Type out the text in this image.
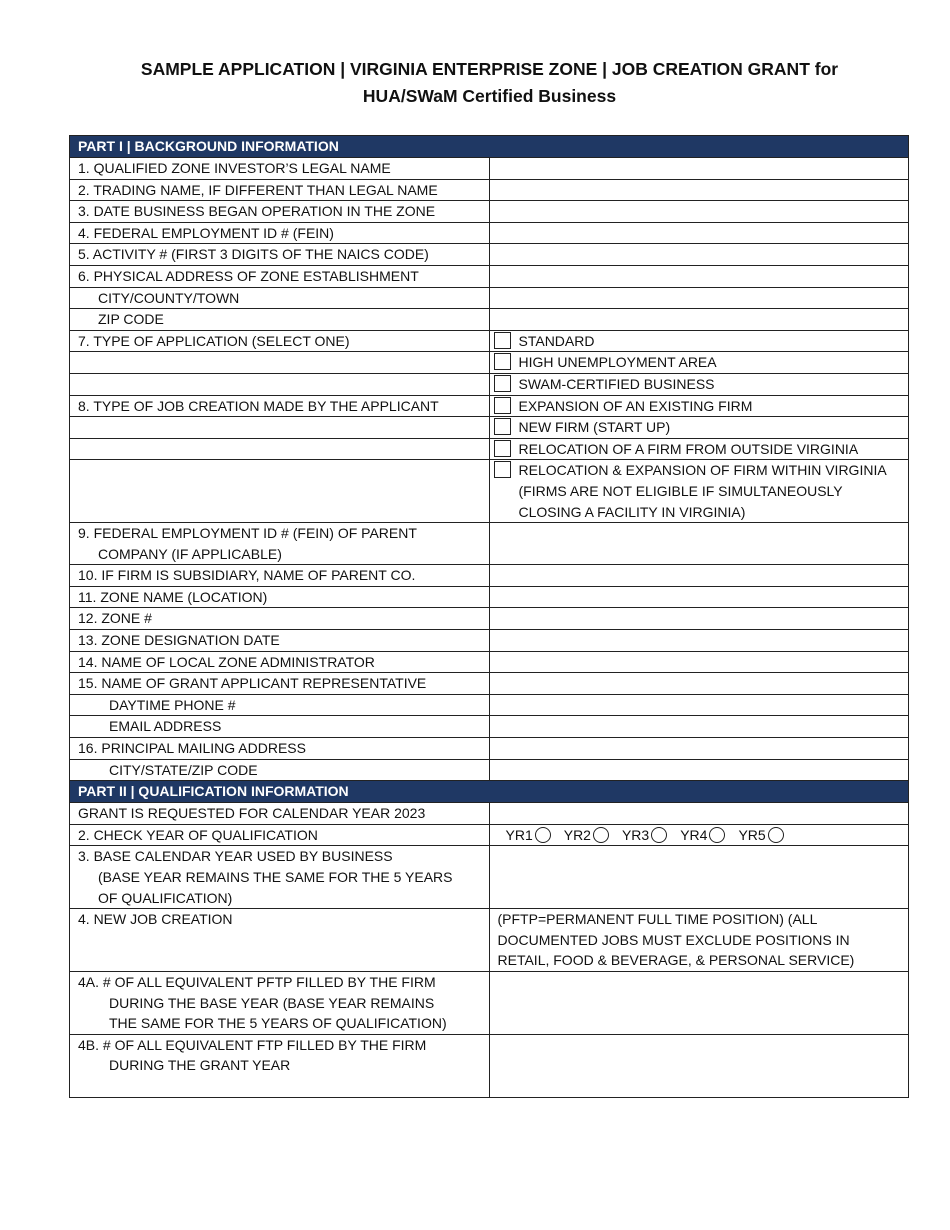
SAMPLE APPLICATION | VIRGINIA ENTERPRISE ZONE | JOB CREATION GRANT for
HUA/SWaM Certified Business
PART I | BACKGROUND INFORMATION	
1. QUALIFIED ZONE INVESTOR’S LEGAL NAME	
2. TRADING NAME, IF DIFFERENT THAN LEGAL NAME	
3. DATE BUSINESS BEGAN OPERATION IN THE ZONE	
4. FEDERAL EMPLOYMENT ID # (FEIN)	
5. ACTIVITY # (FIRST 3 DIGITS OF THE NAICS CODE)	
6. PHYSICAL ADDRESS OF ZONE ESTABLISHMENT	

CITY/COUNTY/TOWN	

ZIP CODE	

7. TYPE OF APPLICATION (SELECT ONE)	STANDARD

	HIGH UNEMPLOYMENT AREA

	SWAM-CERTIFIED BUSINESS

8. TYPE OF JOB CREATION MADE BY THE APPLICANT	EXPANSION OF AN EXISTING FIRM

	NEW FIRM (START UP)

	RELOCATION OF A FIRM FROM OUTSIDE VIRGINIA

	RELOCATION & EXPANSION OF FIRM WITHIN VIRGINIA (FIRMS ARE NOT ELIGIBLE IF SIMULTANEOUSLY CLOSING A FACILITY IN VIRGINIA)

9. FEDERAL EMPLOYMENT ID # (FEIN) OF PARENT
COMPANY (IF APPLICABLE)	

10. IF FIRM IS SUBSIDIARY, NAME OF PARENT CO.	
11. ZONE NAME (LOCATION)	
12. ZONE #	
13. ZONE DESIGNATION DATE	
14. NAME OF LOCAL ZONE ADMINISTRATOR	
15. NAME OF GRANT APPLICANT REPRESENTATIVE	

DAYTIME PHONE #	

EMAIL ADDRESS	

16. PRINCIPAL MAILING ADDRESS	

CITY/STATE/ZIP CODE	

PART II | QUALIFICATION INFORMATION	
GRANT IS REQUESTED FOR CALENDAR YEAR 2023	
2. CHECK YEAR OF QUALIFICATION	YR1 YR2 YR3 YR4 YR5

3. BASE CALENDAR YEAR USED BY BUSINESS
(BASE YEAR REMAINS THE SAME FOR THE 5 YEARS
OF QUALIFICATION)	

4. NEW JOB CREATION	(PFTP=PERMANENT FULL TIME POSITION) (ALL DOCUMENTED JOBS MUST EXCLUDE POSITIONS IN RETAIL, FOOD & BEVERAGE, & PERSONAL SERVICE)

4A. # OF ALL EQUIVALENT PFTP FILLED BY THE FIRM
DURING THE BASE YEAR (BASE YEAR REMAINS
THE SAME FOR THE 5 YEARS OF QUALIFICATION)	

4B. # OF ALL EQUIVALENT FTP FILLED BY THE FIRM
DURING THE GRANT YEAR	
